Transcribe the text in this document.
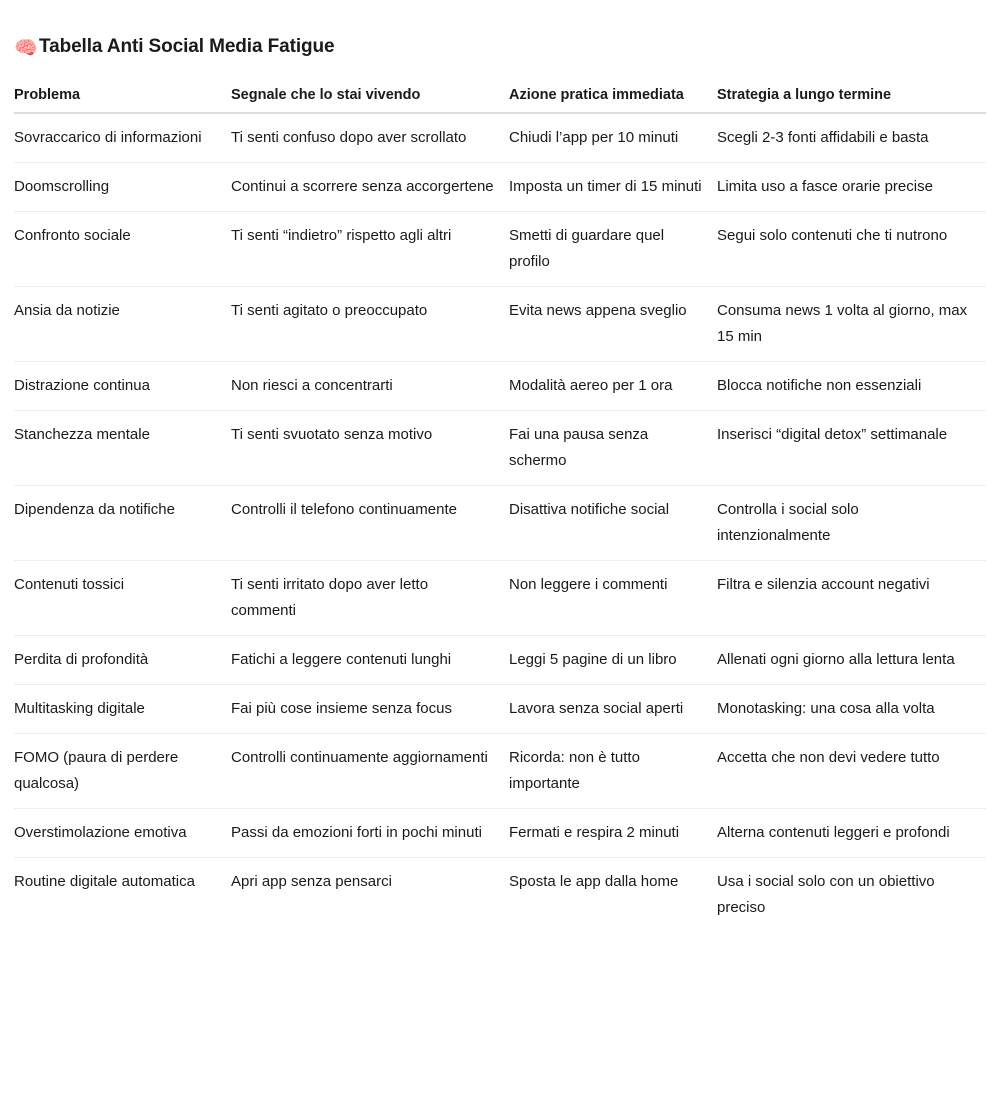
🧠Tabella Anti Social Media Fatigue
Problema	Segnale che lo stai vivendo	Azione pratica immediata	Strategia a lungo termine
Sovraccarico di informazioni	Ti senti confuso dopo aver scrollato	Chiudi l’app per 10 minuti	Scegli 2-3 fonti affidabili e basta
Doomscrolling	Continui a scorrere senza accorgertene	Imposta un timer di 15 minuti	Limita uso a fasce orarie precise
Confronto sociale	Ti senti “indietro” rispetto agli altri	Smetti di guardare quel profilo	Segui solo contenuti che ti nutrono
Ansia da notizie	Ti senti agitato o preoccupato	Evita news appena sveglio	Consuma news 1 volta al giorno, max 15 min
Distrazione continua	Non riesci a concentrarti	Modalità aereo per 1 ora	Blocca notifiche non essenziali
Stanchezza mentale	Ti senti svuotato senza motivo	Fai una pausa senza schermo	Inserisci “digital detox” settimanale
Dipendenza da notifiche	Controlli il telefono continuamente	Disattiva notifiche social	Controlla i social solo intenzionalmente
Contenuti tossici	Ti senti irritato dopo aver letto commenti	Non leggere i commenti	Filtra e silenzia account negativi
Perdita di profondità	Fatichi a leggere contenuti lunghi	Leggi 5 pagine di un libro	Allenati ogni giorno alla lettura lenta
Multitasking digitale	Fai più cose insieme senza focus	Lavora senza social aperti	Monotasking: una cosa alla volta
FOMO (paura di perdere qualcosa)	Controlli continuamente aggiornamenti	Ricorda: non è tutto importante	Accetta che non devi vedere tutto
Overstimolazione emotiva	Passi da emozioni forti in pochi minuti	Fermati e respira 2 minuti	Alterna contenuti leggeri e profondi
Routine digitale automatica	Apri app senza pensarci	Sposta le app dalla home	Usa i social solo con un obiettivo preciso
